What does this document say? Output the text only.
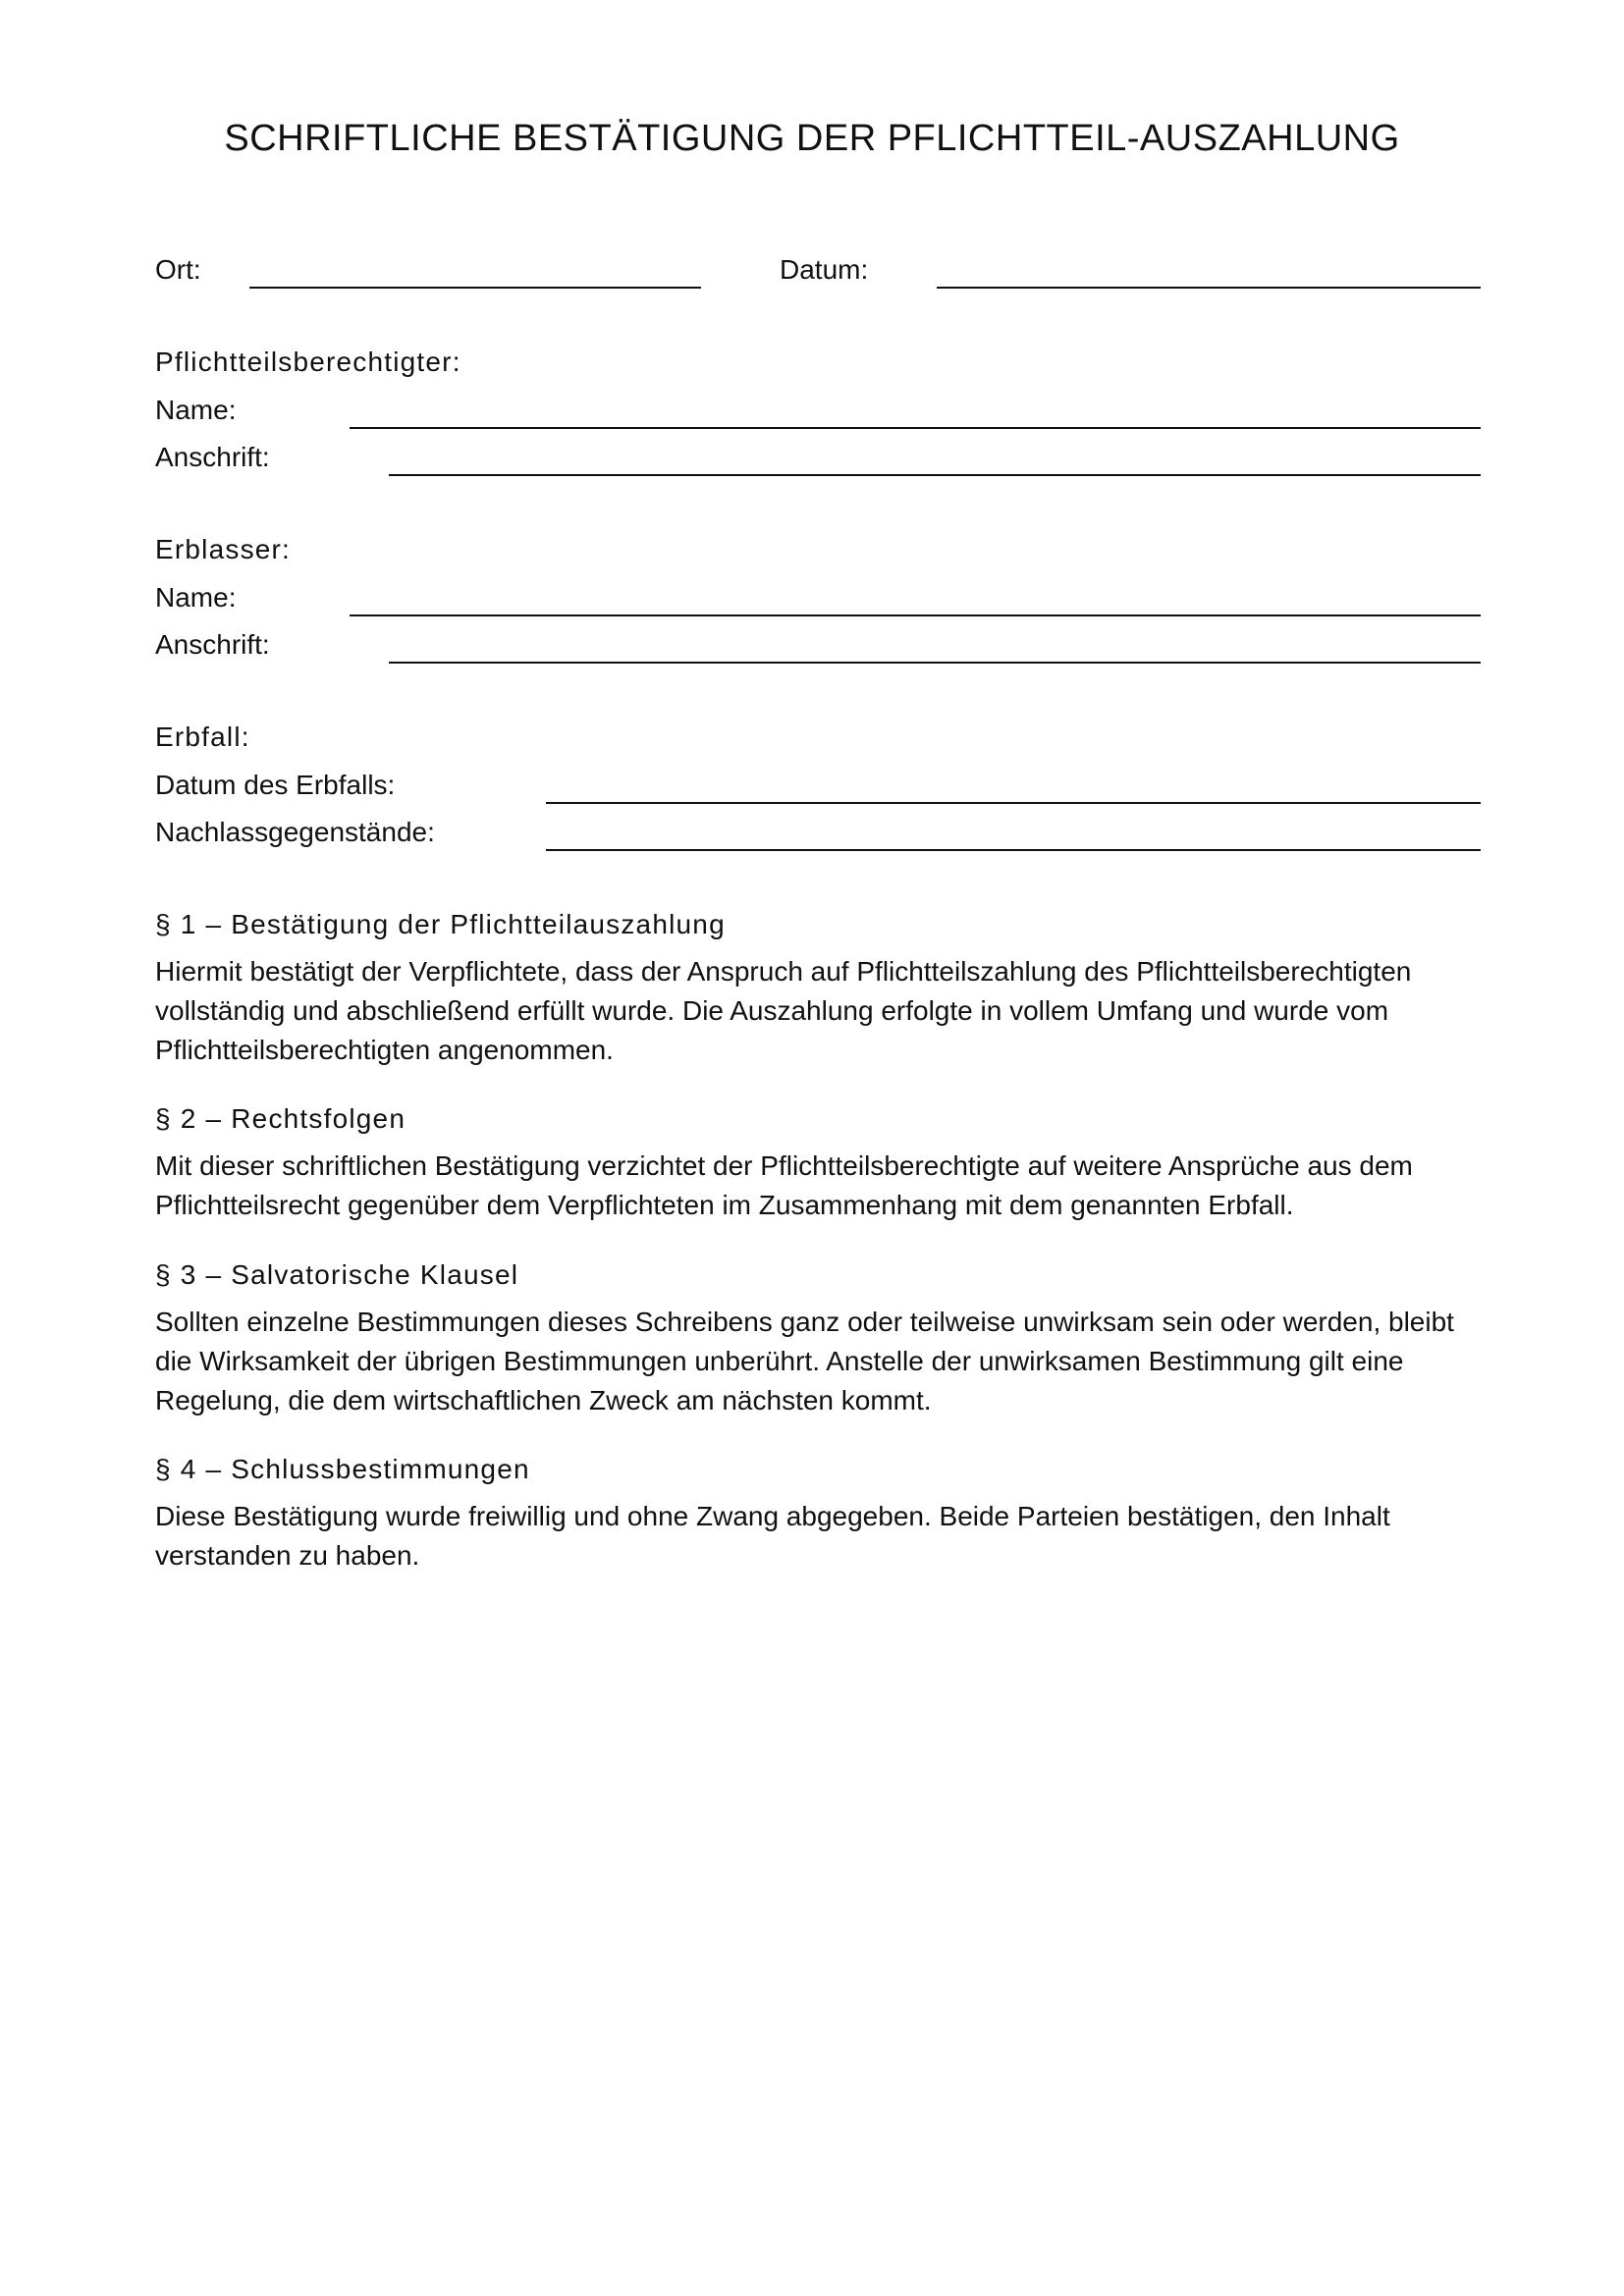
SCHRIFTLICHE BESTÄTIGUNG DER PFLICHTTEIL-AUSZAHLUNG
Ort:	Datum:
Pflichtteilsberechtigter:
Name:
Anschrift:
Erblasser:
Name:
Anschrift:
Erbfall:
Datum des Erbfalls:
Nachlassgegenstände:
§ 1 – Bestätigung der Pflichtteilauszahlung
Hiermit bestätigt der Verpflichtete, dass der Anspruch auf Pflichtteilszahlung des Pflichtteilsberechtigten
vollständig und abschließend erfüllt wurde. Die Auszahlung erfolgte in vollem Umfang und wurde vom
Pflichtteilsberechtigten angenommen.
§ 2 – Rechtsfolgen
Mit dieser schriftlichen Bestätigung verzichtet der Pflichtteilsberechtigte auf weitere Ansprüche aus dem
Pflichtteilsrecht gegenüber dem Verpflichteten im Zusammenhang mit dem genannten Erbfall.
§ 3 – Salvatorische Klausel
Sollten einzelne Bestimmungen dieses Schreibens ganz oder teilweise unwirksam sein oder werden, bleibt
die Wirksamkeit der übrigen Bestimmungen unberührt. Anstelle der unwirksamen Bestimmung gilt eine
Regelung, die dem wirtschaftlichen Zweck am nächsten kommt.
§ 4 – Schlussbestimmungen
Diese Bestätigung wurde freiwillig und ohne Zwang abgegeben. Beide Parteien bestätigen, den Inhalt
verstanden zu haben.
